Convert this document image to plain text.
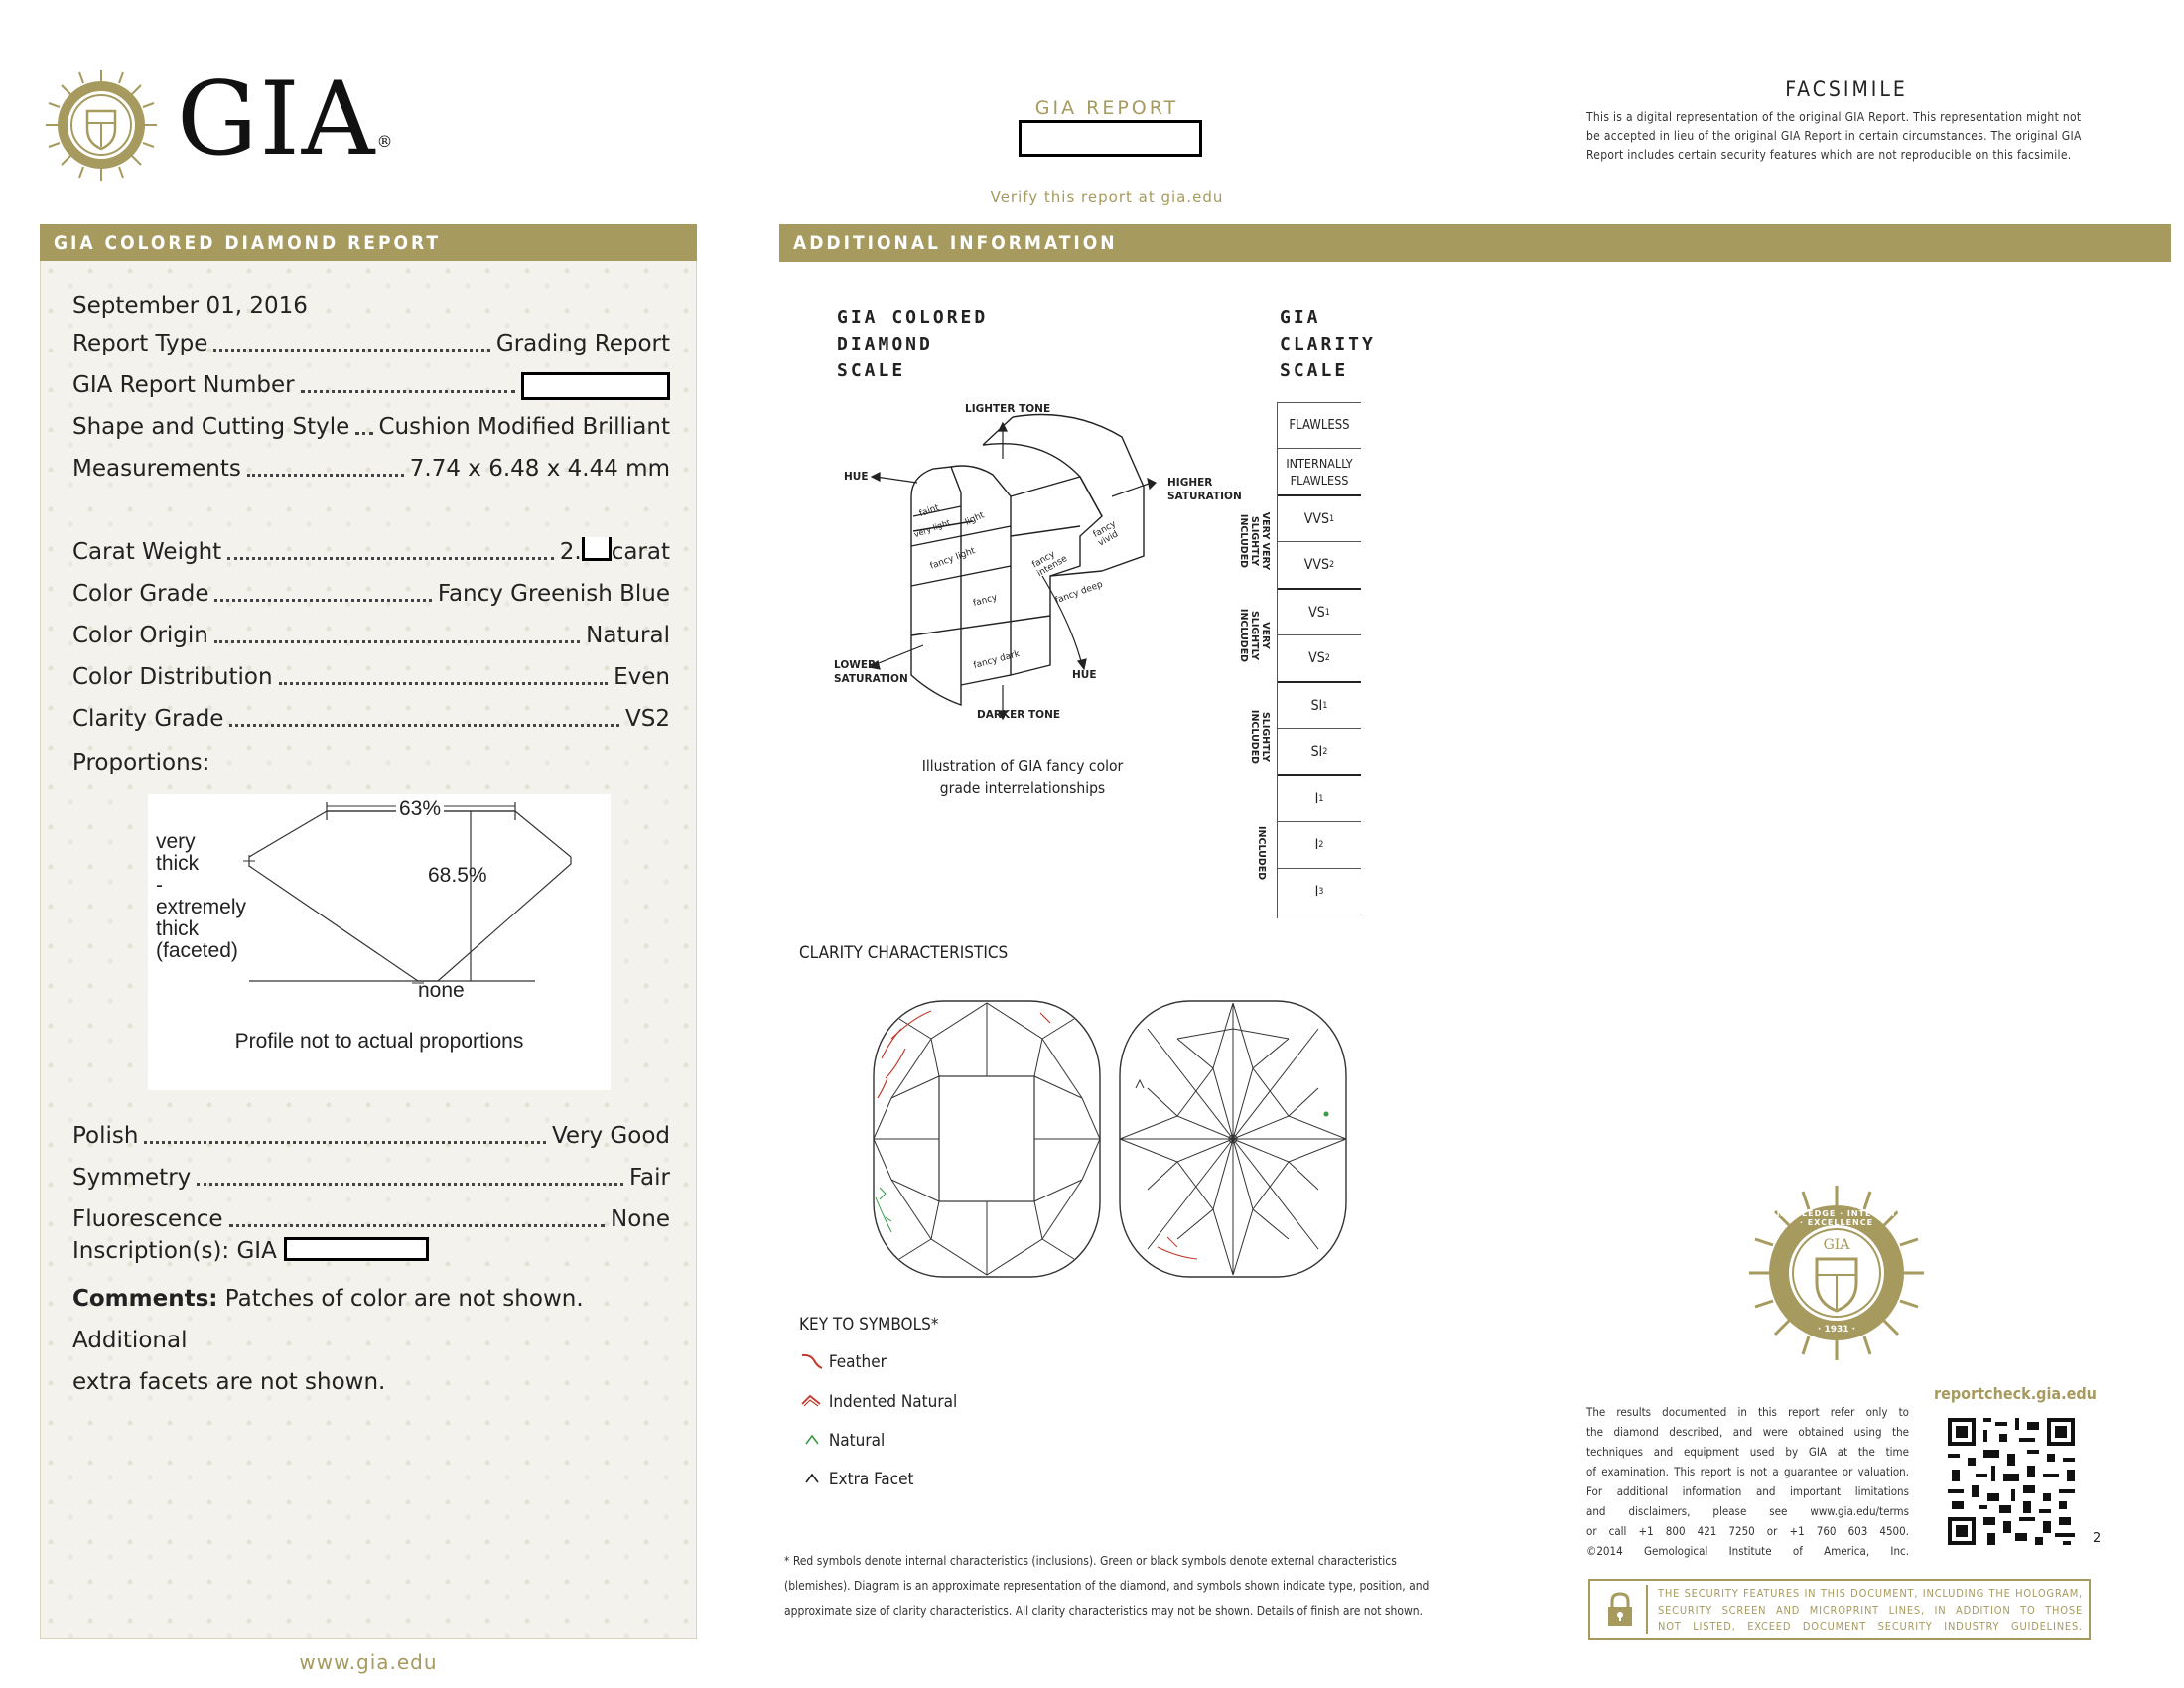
GIA®
GIA REPORT
Verify this report at gia.edu
FACSIMILE
This is a digital representation of the original GIA Report. This representation might not
be accepted in lieu of the original GIA Report in certain circumstances. The original GIA
Report includes certain security features which are not reproducible on this facsimile.
GIA COLORED DIAMOND REPORT
September 01, 2016
Report Type	Grading Report
GIA Report Number
Shape and Cutting Style Cushion Modified Brilliant
Measurements	7.74 x 6.48 x 4.44 mm
Carat Weight	2. carat
Color Grade	Fancy Greenish Blue
Color Origin	Natural
Color Distribution	Even
Clarity Grade	VS2
Proportions:
63%
68.5%
very
thick
-
extremely
thick
(faceted)
none
Profile not to actual proportions
Polish	Very Good
Symmetry	Fair
Fluorescence	None
Inscription(s): GIA
Comments: Patches of color are not shown. Additional
extra facets are not shown.
www.gia.edu
ADDITIONAL INFORMATION
GIA COLORED
DIAMOND
SCALE
LIGHTER TONE
HUE	HIGHER
SATURATION
LOWER
SATURATION
DARKER TONE
HUE
faint
very light light
fancy light
fancy
fancy intense
fancy vivid
fancy deep
fancy dark
Illustration of GIA fancy color
grade interrelationships
GIA
CLARITY
SCALE
FLAWLESS
INTERNALLY FLAWLESS
VVS 1
VVS 2
VS 1
VS 2
SI 1
SI 2
I 1
I 2
I 3
VERY VERY SLIGHTLY INCLUDED
VERY SLIGHTLY INCLUDED
SLIGHTLY INCLUDED
INCLUDED
CLARITY CHARACTERISTICS
KEY TO SYMBOLS*
Feather
Indented Natural
Natural
Extra Facet
* Red symbols denote internal characteristics (inclusions). Green or black symbols denote external characteristics
(blemishes). Diagram is an approximate representation of the diamond, and symbols shown indicate type, position, and
approximate size of clarity characteristics. All clarity characteristics may not be shown. Details of finish are not shown.
KNOWLEDGE · INTEGRITY · EXCELLENCE
GIA
· 1931 ·
reportcheck.gia.edu
The results documented in this report refer only to
the diamond described, and were obtained using the
techniques and equipment used by GIA at the time
of examination. This report is not a guarantee or valuation.
For additional information and important limitations
and disclaimers, please see www.gia.edu/terms
or call +1 800 421 7250 or +1 760 603 4500.
©2014 Gemological Institute of America, Inc.
2
THE SECURITY FEATURES IN THIS DOCUMENT, INCLUDING THE HOLOGRAM,
SECURITY SCREEN AND MICROPRINT LINES, IN ADDITION TO THOSE
NOT LISTED, EXCEED DOCUMENT SECURITY INDUSTRY GUIDELINES.
